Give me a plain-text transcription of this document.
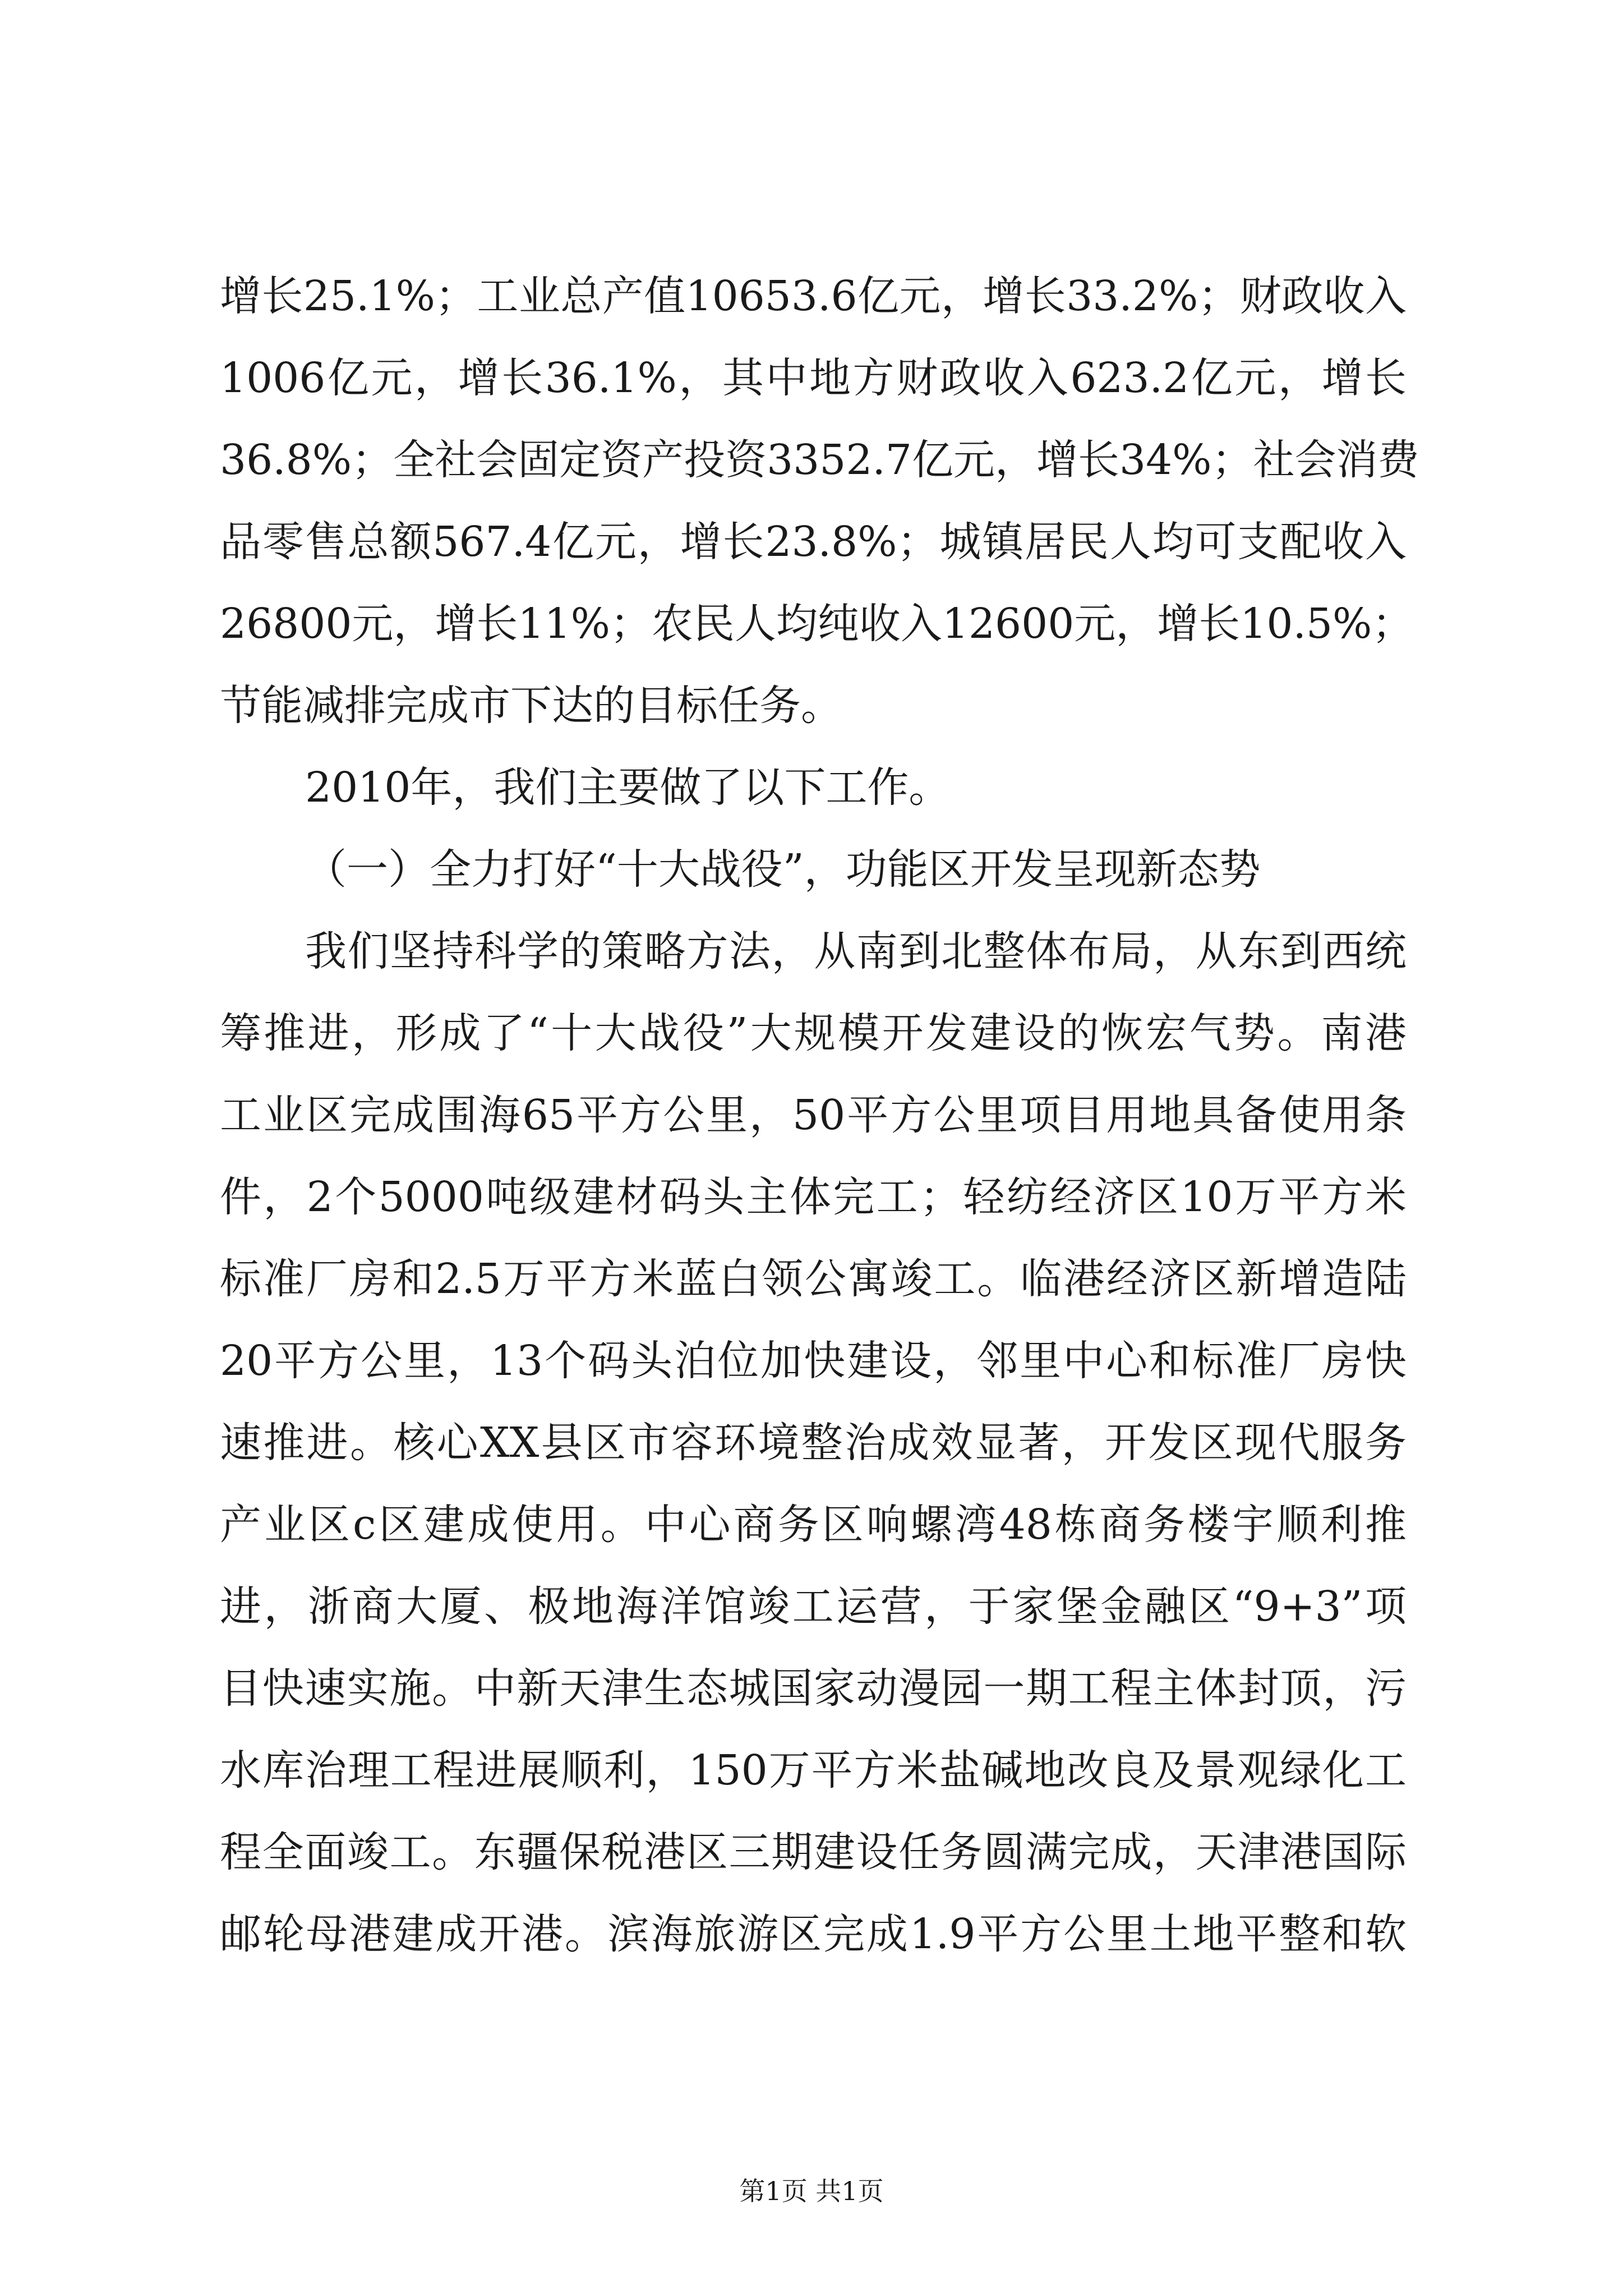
增长25.1%；工业总产值10653.6亿元，增长33.2%；财政收入
1006亿元，增长36.1%，其中地方财政收入623.2亿元，增长
36.8%；全社会固定资产投资3352.7亿元，增长34%；社会消费
品零售总额567.4亿元，增长23.8%；城镇居民人均可支配收入
26800元，增长11%；农民人均纯收入12600元，增长10.5%；
节能减排完成市下达的目标任务。
2010年，我们主要做了以下工作。
（一）全力打好“十大战役”，功能区开发呈现新态势
我们坚持科学的策略方法，从南到北整体布局，从东到西统
筹推进，形成了“十大战役”大规模开发建设的恢宏气势。南港
工业区完成围海65平方公里，50平方公里项目用地具备使用条
件，2个5000吨级建材码头主体完工；轻纺经济区10万平方米
标准厂房和2.5万平方米蓝白领公寓竣工。临港经济区新增造陆
20平方公里，13个码头泊位加快建设，邻里中心和标准厂房快
速推进。核心XX县区市容环境整治成效显著，开发区现代服务
产业区c区建成使用。中心商务区响螺湾48栋商务楼宇顺利推
进，浙商大厦、极地海洋馆竣工运营，于家堡金融区“9+3”项
目快速实施。中新天津生态城国家动漫园一期工程主体封顶，污
水库治理工程进展顺利，150万平方米盐碱地改良及景观绿化工
程全面竣工。东疆保税港区三期建设任务圆满完成，天津港国际
邮轮母港建成开港。滨海旅游区完成1.9平方公里土地平整和软
第1页 共1页
